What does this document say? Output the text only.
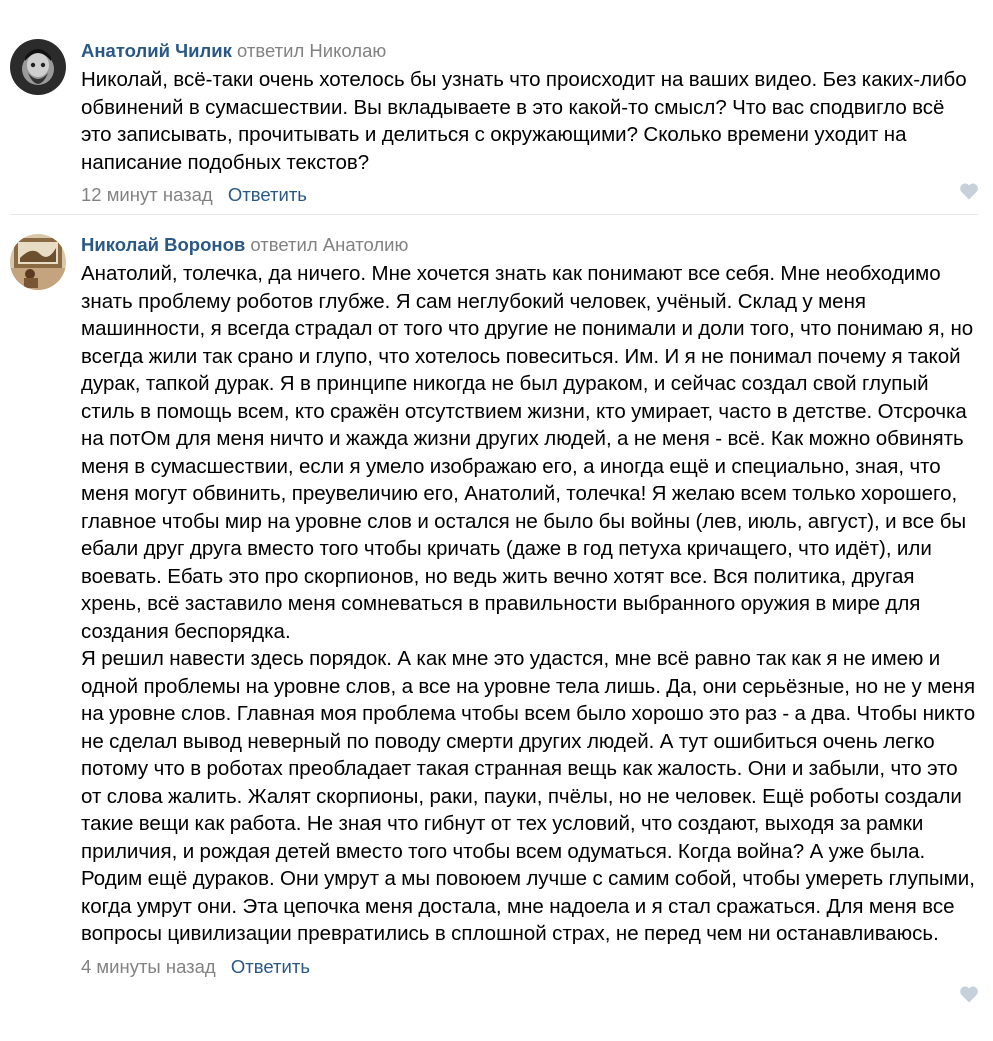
Анатолий Чилик ответил Николаю

Николай, всё-таки очень хотелось бы узнать что происходит на ваших видео. Без каких-либо обвинений в сумасшествии. Вы вкладываете в это какой-то смысл? Что вас сподвигло всё это записывать, прочитывать и делиться с окружающими? Сколько времени уходит на написание подобных текстов?

12 минут назад Ответить
Николай Воронов ответил Анатолию

Анатолий, толечка, да ничего. Мне хочется знать как понимают все себя. Мне необходимо знать проблему роботов глубже. Я сам неглубокий человек, учёный. Склад у меня машинности, я всегда страдал от того что другие не понимали и доли того, что понимаю я, но всегда жили так срано и глупо, что хотелось повеситься. Им. И я не понимал почему я такой дурак, тапкой дурак. Я в принципе никогда не был дураком, и сейчас создал свой глупый стиль в помощь всем, кто сражён отсутствием жизни, кто умирает, часто в детстве. Отсрочка на потОм для меня ничто и жажда жизни других людей, а не меня - всё. Как можно обвинять меня в сумасшествии, если я умело изображаю его, а иногда ещё и специально, зная, что меня могут обвинить, преувеличию его, Анатолий, толечка! Я желаю всем только хорошего, главное чтобы мир на уровне слов и остался не было бы войны (лев, июль, август), и все бы ебали друг друга вместо того чтобы кричать (даже в год петуха кричащего, что идёт), или воевать. Ебать это про скорпионов, но ведь жить вечно хотят все. Вся политика, другая хрень, всё заставило меня сомневаться в правильности выбранного оружия в мире для создания беспорядка.

Я решил навести здесь порядок. А как мне это удастся, мне всё равно так как я не имею и одной проблемы на уровне слов, а все на уровне тела лишь. Да, они серьёзные, но не у меня на уровне слов. Главная моя проблема чтобы всем было хорошо это раз - а два. Чтобы никто не сделал вывод неверный по поводу смерти других людей. А тут ошибиться очень легко потому что в роботах преобладает такая странная вещь как жалость. Они и забыли, что это от слова жалить. Жалят скорпионы, раки, пауки, пчёлы, но не человек. Ещё роботы создали такие вещи как работа. Не зная что гибнут от тех условий, что создают, выходя за рамки приличия, и рождая детей вместо того чтобы всем одуматься. Когда война? А уже была. Родим ещё дураков. Они умрут а мы повоюем лучше с самим собой, чтобы умереть глупыми, когда умрут они. Эта цепочка меня достала, мне надоела и я стал сражаться. Для меня все вопросы цивилизации превратились в сплошной страх, не перед чем ни останавливаюсь.

4 минуты назад Ответить
